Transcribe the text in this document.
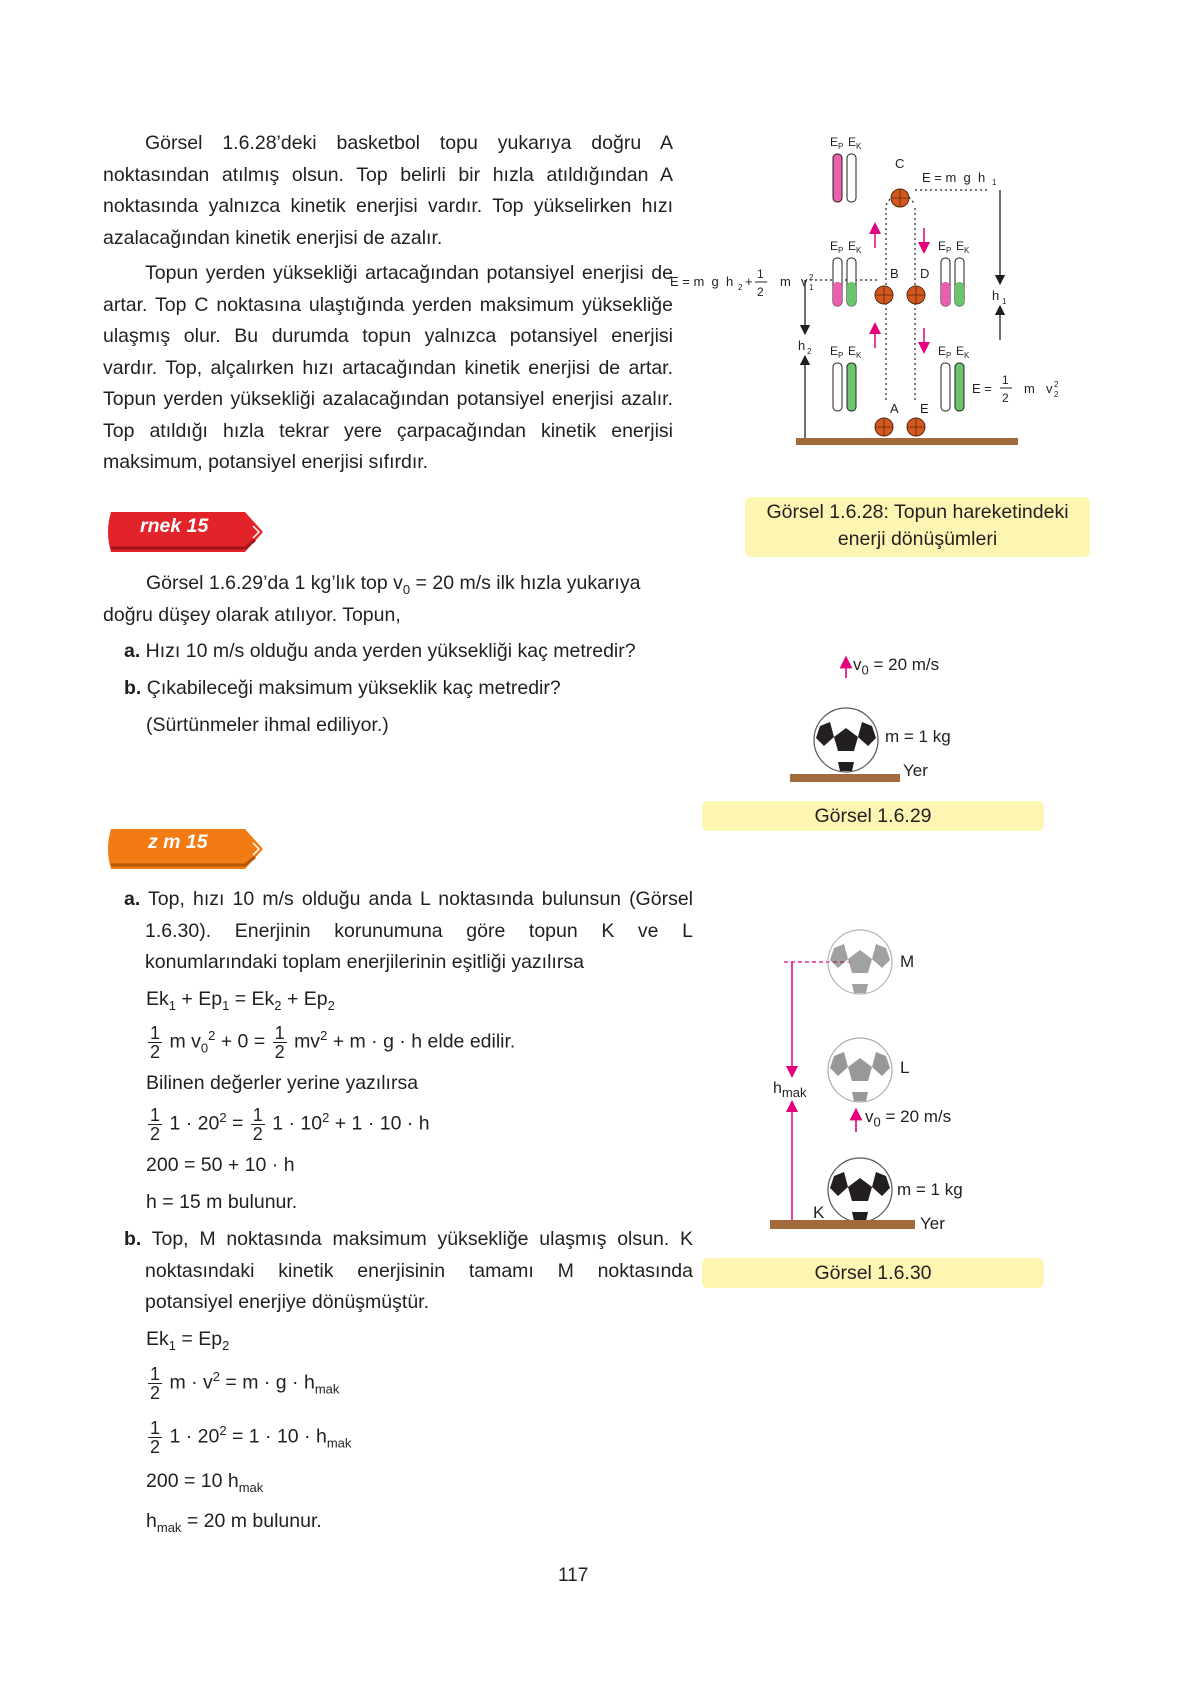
Görsel 1.6.28’deki basketbol topu yukarıya doğru A noktasından atılmış olsun. Top belirli bir hızla atıldığından A noktasında yalnızca kinetik enerjisi vardır. Top yükselirken hızı azalacağından kinetik enerjisi de azalır.
Topun yerden yüksekliği artacağından potansiyel enerjisi de artar. Top C noktasına ulaştığında yerden maksimum yüksekliğe ulaşmış olur. Bu durumda topun yalnızca potansiyel enerjisi vardır. Top, alçalırken hızı artacağından kinetik enerjisi de artar. Topun yerden yüksekliği azalacağından potansiyel enerjisi azalır. Top atıldığı hızla tekrar yere çarpacağından kinetik enerjisi maksimum, potansiyel enerjisi sıfırdır.
h 1
h 2
E P E K
E P E K	E P E K
E P E K	E P E K
C
B D
A E
E = m  g  h 1
E = m  g  h 2 + 1
2
m v 1
2
E =
1
2
m v 2
2
Görsel 1.6.28: Topun hareketindeki
enerji dönüşümleri
rnek 15
Görsel 1.6.29’da 1 kg’lık top $v_0 = 20$ m/s ilk hızla yukarıya
doğru düşey olarak atılıyor. Topun,
a. Hızı 10 m/s olduğu anda yerden yüksekliği kaç metredir?
b. Çıkabileceği maksimum yükseklik kaç metredir?
(Sürtünmeler ihmal ediliyor.)
$v_0 = 20$ m/s
m = 1 kg
Yer
Görsel 1.6.29
z m 15
a. Top, hızı 10 m/s olduğu anda L noktasında bulunsun (Görsel 1.6.30). Enerjinin korunumuna göre topun K ve L konumlarındaki toplam enerjilerinin eşitliği yazılırsa
$Ek_1 + Ep_1 = Ek_2 + Ep_2$
$\frac{1}{2}$ m $v_0^2 + 0 = \frac{1}{2} mv^2 + m \cdot g \cdot h$ elde edilir.
Bilinen değerler yerine yazılırsa
$\frac{1}{2} 1 \cdot 20^2 = \frac{1}{2} 1 \cdot 10^2 + 1 \cdot 10 \cdot h$
200 = 50 + 10 · h
h = 15 m bulunur.
b. Top, M noktasında maksimum yüksekliğe ulaşmış olsun. K noktasındaki kinetik enerjisinin tamamı M noktasında potansiyel enerjiye dönüşmüştür.
$Ek_1 = Ep_2$
$\frac{1}{2}$ $m \cdot v^2 = m \cdot g \cdot h_{mak}$
$\frac{1}{2} 1 \cdot 20^2 = 1 \cdot 10 \cdot h_{mak}$
200 = 10 $h_{mak}$
$h_{mak} = 20$ m bulunur.
M
L
K
$h_{mak}$
$v_0 = 20$ m/s
m = 1 kg
Yer
Görsel 1.6.30
117
